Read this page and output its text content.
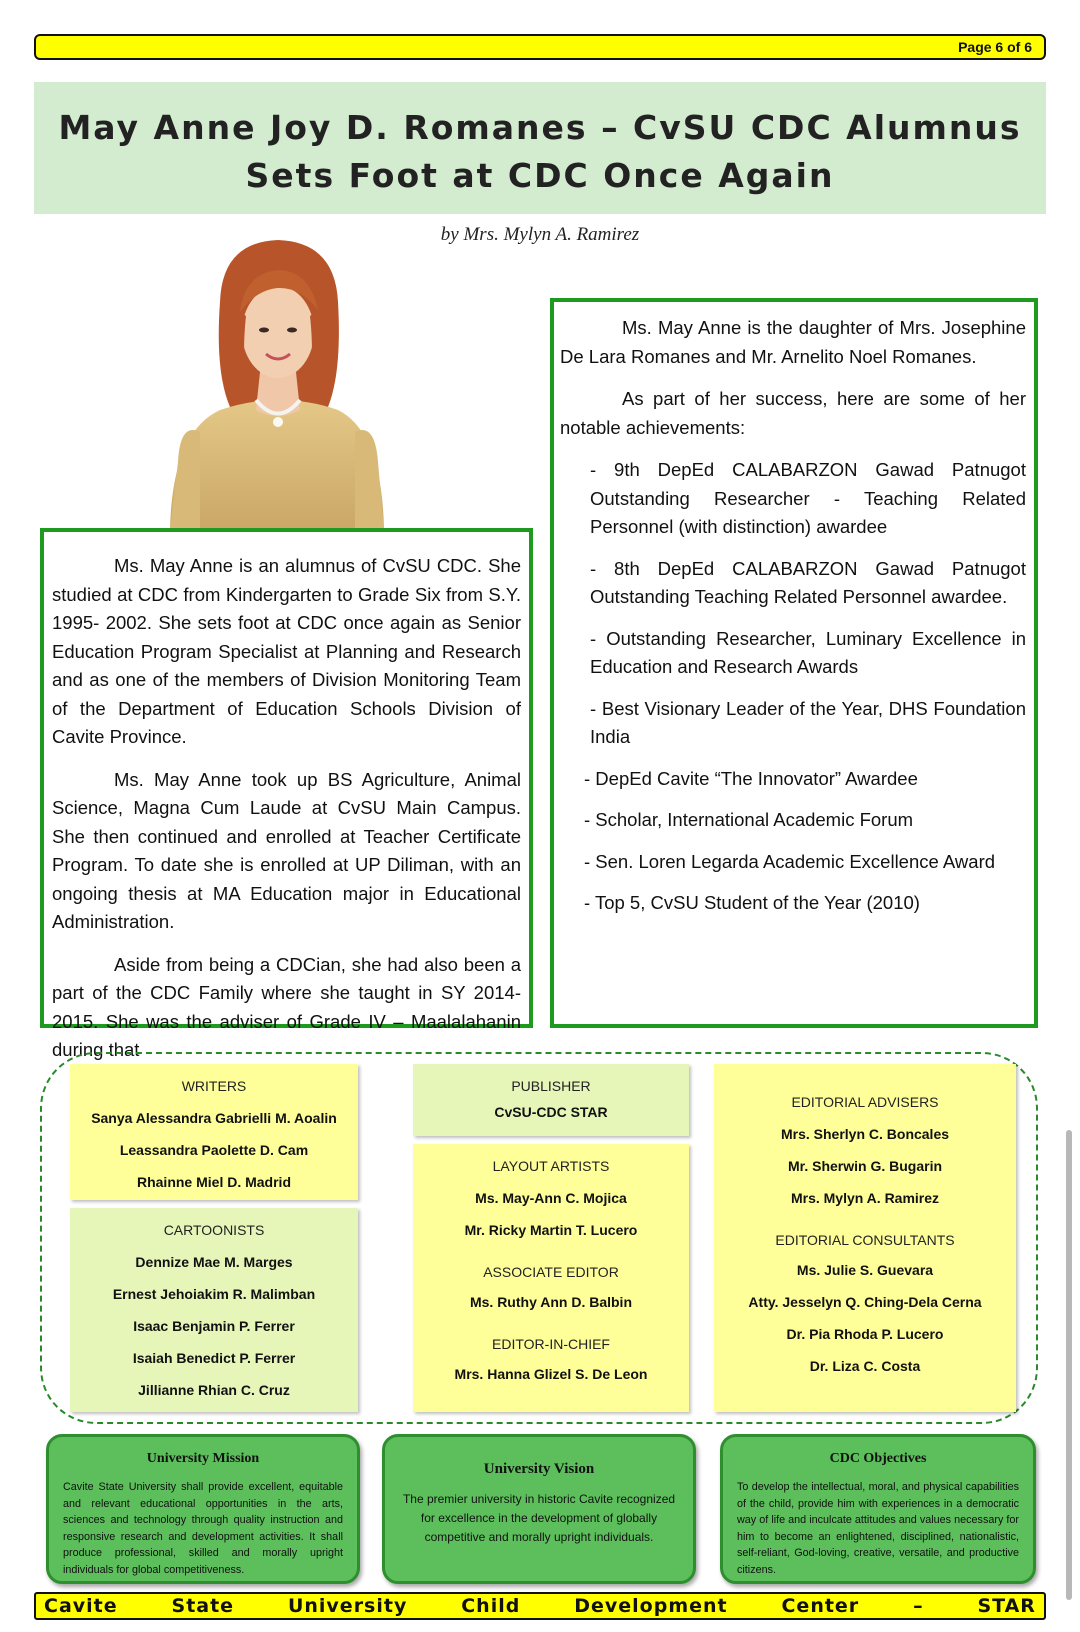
Page 6 of 6
May Anne Joy D. Romanes – CvSU CDC Alumnus Sets Foot at CDC Once Again
by Mrs. Mylyn A. Ramirez

Ms. May Anne is an alumnus of CvSU CDC. She studied at CDC from Kindergarten to Grade Six from S.Y. 1995- 2002. She sets foot at CDC once again as Senior Education Program Specialist at Planning and Research and as one of the members of Division Monitoring Team of the Department of Education Schools Division of Cavite Province.

Ms. May Anne took up BS Agriculture, Animal Science, Magna Cum Laude at CvSU Main Campus. She then continued and enrolled at Teacher Certificate Program. To date she is enrolled at UP Diliman, with an ongoing thesis at MA Education major in Educational Administration.

Aside from being a CDCian, she had also been a part of the CDC Family where she taught in SY 2014-2015. She was the adviser of Grade IV – Maalalahanin during that

Ms. May Anne is the daughter of Mrs. Josephine De Lara Romanes and Mr. Arnelito Noel Romanes.

As part of her success, here are some of her notable achievements:

- 9th DepEd CALABARZON Gawad Patnugot Outstanding Researcher - Teaching Related Personnel (with distinction) awardee

- 8th DepEd CALABARZON Gawad Patnugot Outstanding Teaching Related Personnel awardee.

- Outstanding Researcher, Luminary Excellence in Education and Research Awards

- Best Visionary Leader of the Year, DHS Foundation India

- DepEd Cavite “The Innovator” Awardee

- Scholar, International Academic Forum

- Sen. Loren Legarda Academic Excellence Award

- Top 5, CvSU Student of the Year (2010)

WRITERS
Sanya Alessandra Gabrielli M. Aoalin
Leassandra Paolette D. Cam
Rhainne Miel D. Madrid
CARTOONISTS
Dennize Mae M. Marges
Ernest Jehoiakim R. Malimban
Isaac Benjamin P. Ferrer
Isaiah Benedict P. Ferrer
Jillianne Rhian C. Cruz
PUBLISHER
CvSU-CDC STAR
LAYOUT ARTISTS
Ms. May-Ann C. Mojica
Mr. Ricky Martin T. Lucero
ASSOCIATE EDITOR
Ms. Ruthy Ann D. Balbin
EDITOR-IN-CHIEF
Mrs. Hanna Glizel S. De Leon
EDITORIAL ADVISERS
Mrs. Sherlyn C. Boncales
Mr. Sherwin G. Bugarin
Mrs. Mylyn A. Ramirez
EDITORIAL CONSULTANTS
Ms. Julie S. Guevara
Atty. Jesselyn Q. Ching-Dela Cerna
Dr. Pia Rhoda P. Lucero
Dr. Liza C. Costa
University Mission

Cavite State University shall provide excellent, equitable and relevant educational opportunities in the arts, sciences and technology through quality instruction and responsive research and development activities. It shall produce professional, skilled and morally upright individuals for global competitiveness.

University Vision

The premier university in historic Cavite recognized for excellence in the development of globally competitive and morally upright individuals.

CDC Objectives

To develop the intellectual, moral, and physical capabilities of the child, provide him with experiences in a democratic way of life and inculcate attitudes and values necessary for him to become an enlightened, disciplined, nationalistic, self-reliant, God-loving, creative, versatile, and productive citizens.

Cavite	State	University	Child	Development	Center	–	STAR
